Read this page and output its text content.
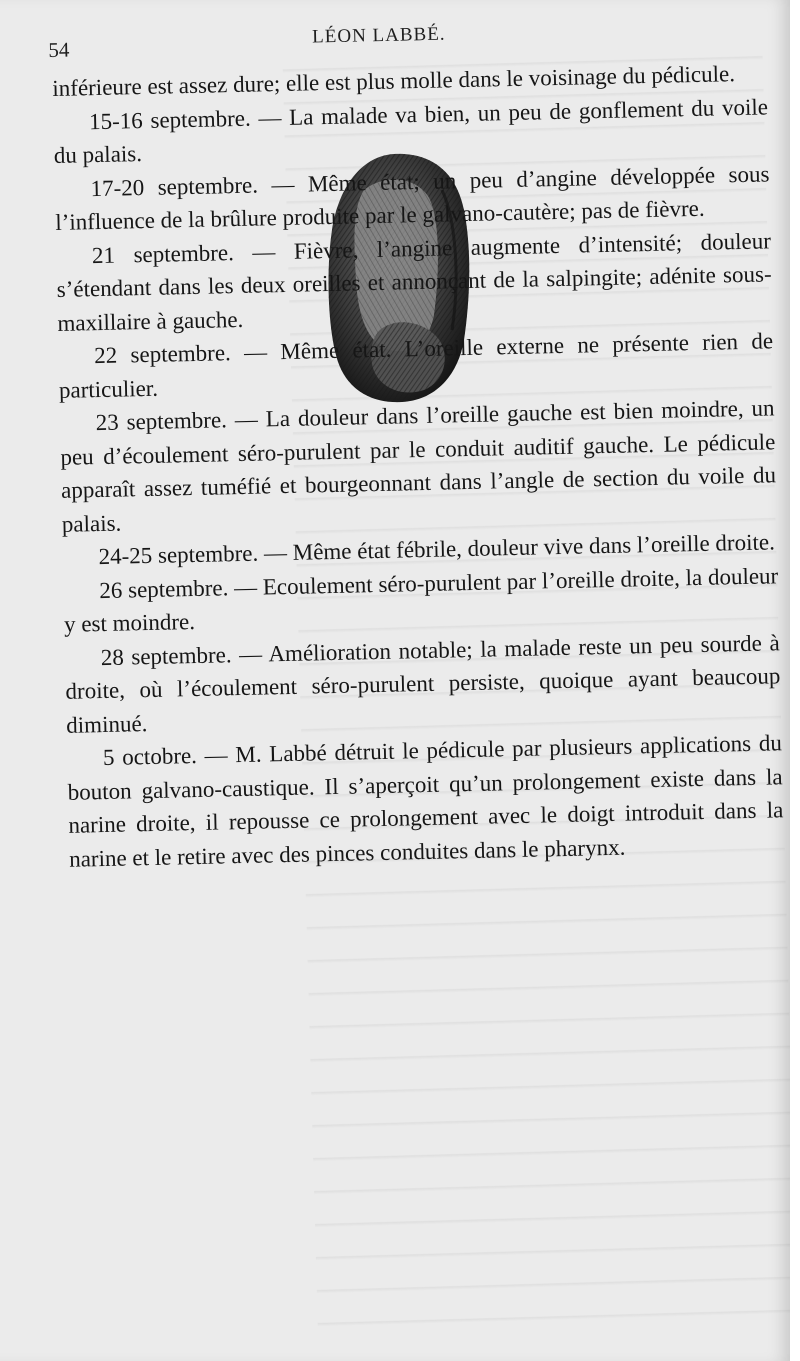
54
LÉON LABBÉ.

inférieure est assez dure; elle est plus molle dans le voisinage du pédicule.

15-16 septembre. — La malade va bien, un peu de gonflement du voile du palais.

17-20 septembre. — Même état; un peu d’angine développée sous l’influence de la brûlure produite par le galvano-cautère; pas de fièvre.

21 septembre. — Fièvre, l’angine augmente d’intensité; douleur s’étendant dans les deux oreilles et annonçant de la salpingite; adénite sous-maxillaire à gauche.

22 septembre. — Même état. L’oreille externe ne présente rien de particulier.

23 septembre. — La douleur dans l’oreille gauche est bien moindre, un peu d’écoulement séro-purulent par le conduit auditif gauche. Le pédicule apparaît assez tuméfié et bourgeonnant dans l’angle de section du voile du palais.

24-25 septembre. — Même état fébrile, douleur vive dans l’oreille droite.

26 septembre. — Ecoulement séro-purulent par l’oreille droite, la douleur y est moindre.

28 septembre. — Amélioration notable; la malade reste un peu sourde à droite, où l’écoulement séro-purulent persiste, quoique ayant beaucoup diminué.

5 octobre. — M. Labbé détruit le pédicule par plusieurs applications du bouton galvano-caustique. Il s’aperçoit qu’un prolongement existe dans la narine droite, il repousse ce prolongement avec le doigt introduit dans la narine et le retire avec des pinces conduites dans le pharynx.
